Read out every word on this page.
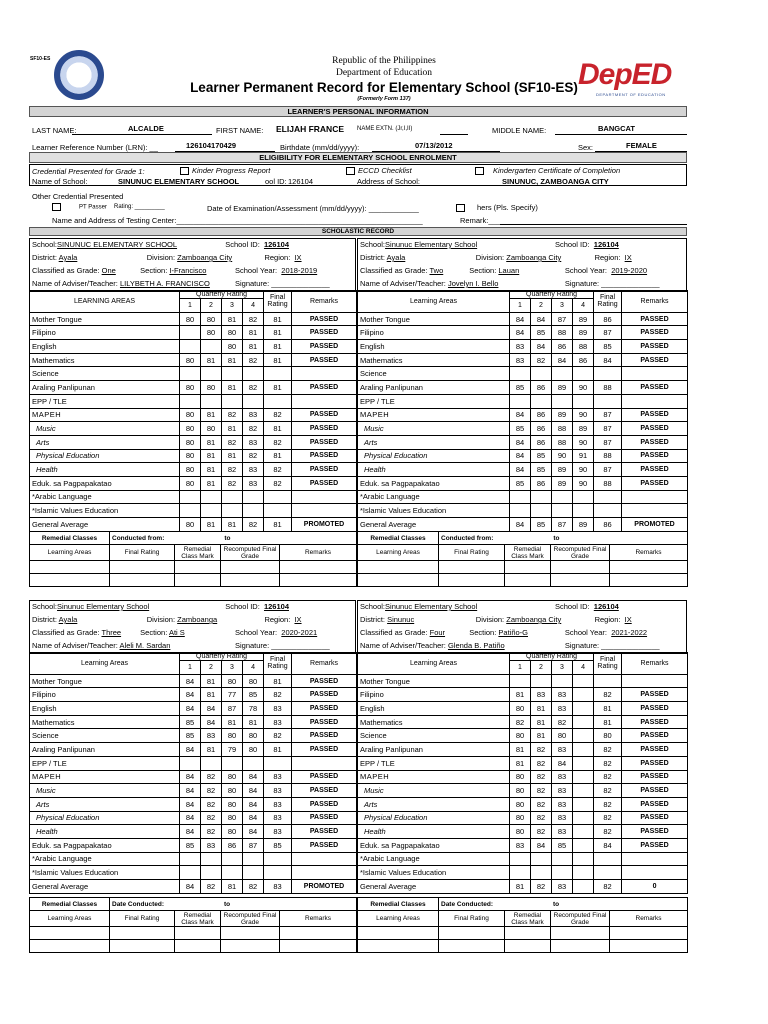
SF10-ES	Republic of the Philippines
Department of Education
Learner Permanent Record for Elementary School (SF10-ES)
(Formerly Form 137)
DepED
DEPARTMENT OF EDUCATION
LEARNER'S PERSONAL INFORMATION
LAST NAME:	ALCALDE	FIRST NAME: ELIJAH FRANCE NAME EXTN. (Jr,I,II)	MIDDLE NAME:	BANGCAT
Learner Reference Number (LRN): __	126104170429	Birthdate (mm/dd/yyyy):	07/13/2012	Sex:	FEMALE
ELIGIBILITY FOR ELEMENTARY SCHOOL ENROLMENT
Credential Presented for Grade 1:	Kinder Progress Report	ECCD Checklist	Kindergarten Certificate of Completion
Name of School:	SINUNUC ELEMENTARY SCHOOL	ool ID: 126104	Address of School:	SINUNUC, ZAMBOANGA CITY
Other Credential Presented
PT Passer Rating: _________	Date of Examination/Assessment (mm/dd/yyyy): ____________	hers (Pls. Specify)
Name and Address of Testing Center:___________________________________________________________	Remark:___
SCHOLASTIC RECORD
School:SINUNUC ELEMENTARY SCHOOL	School ID: 126104
District: Ayala	Division: Zamboanga City	Region: IX
Classified as Grade: One	Section: I-Francisco	School Year: 2018-2019
Name of Adviser/Teacher: LILYBETH A. FRANCISCO	Signature: ______________
LEARNING AREAS	Quarterly Rating				Final Rating	Remarks
	1	2	3	4		
Mother Tongue	80	80	81	82	81	PASSED
Filipino		80	80	81	81	PASSED
English			80	81	81	PASSED
Mathematics	80	81	81	82	81	PASSED
Science						
Araling Panlipunan	80	80	81	82	81	PASSED
EPP / TLE						
MAPEH	80	81	82	83	82	PASSED
Music	80	80	81	82	81	PASSED
Arts	80	81	82	83	82	PASSED
Physical Education	80	81	81	82	81	PASSED
Health	80	81	82	83	82	PASSED
Eduk. sa Pagpapakatao	80	81	82	83	82	PASSED
*Arabic Language						
*Islamic Values Education						
General Average	80	81	81	82	81	PROMOTED
Remedial Classes	Conducted from: to			
Learning Areas	Final Rating	Remedial Class Mark	Recomputed Final Grade	Remarks

School:Sinunuc Elementary School	School ID: 126104
District: Ayala	Division: Zamboanga City	Region: IX
Classified as Grade: Two	Section: Lauan	School Year: 2019-2020
Name of Adviser/Teacher: Jovelyn I. Bello	Signature: ______________
Learning Areas	Quarterly Rating				Final Rating	Remarks
	1	2	3	4		
Mother Tongue	84	84	87	89	86	PASSED
Filipino	84	85	88	89	87	PASSED
English	83	84	86	88	85	PASSED
Mathematics	83	82	84	86	84	PASSED
Science						
Araling Panlipunan	85	86	89	90	88	PASSED
EPP / TLE						
MAPEH	84	86	89	90	87	PASSED
Music	85	86	88	89	87	PASSED
Arts	84	86	88	90	87	PASSED
Physical Education	84	85	90	91	88	PASSED
Health	84	85	89	90	87	PASSED
Eduk. sa Pagpapakatao	85	86	89	90	88	PASSED
*Arabic Language						
*Islamic Values Education						
General Average	84	85	87	89	86	PROMOTED
Remedial Classes	Conducted from: to			
Learning Areas	Final Rating	Remedial Class Mark	Recomputed Final Grade	Remarks

School:Sinunuc Elementary School	School ID: 126104
District: Ayala	Division: Zamboanga	Region: IX
Classified as Grade: Three	Section: Ati S	School Year: 2020-2021
Name of Adviser/Teacher: Aleli M. Sardan	Signature: ______________
Learning Areas	Quarterly Rating				Final Rating	Remarks
	1	2	3	4		
Mother Tongue	84	81	80	80	81	PASSED
Filipino	84	81	77	85	82	PASSED
English	84	84	87	78	83	PASSED
Mathematics	85	84	81	81	83	PASSED
Science	85	83	80	80	82	PASSED
Araling Panlipunan	84	81	79	80	81	PASSED
EPP / TLE						
MAPEH	84	82	80	84	83	PASSED
Music	84	82	80	84	83	PASSED
Arts	84	82	80	84	83	PASSED
Physical Education	84	82	80	84	83	PASSED
Health	84	82	80	84	83	PASSED
Eduk. sa Pagpapakatao	85	83	86	87	85	PASSED
*Arabic Language						
*Islamic Values Education						
General Average	84	82	81	82	83	PROMOTED
Remedial Classes	Date Conducted: to			
Learning Areas	Final Rating	Remedial Class Mark	Recomputed Final Grade	Remarks

School:Sinunuc Elementary School	School ID: 126104
District: Sinunuc	Division: Zamboanga City	Region: IX
Classified as Grade: Four	Section: Patiño-G	School Year: 2021-2022
Name of Adviser/Teacher: Glenda B. Patiño	Signature: ______________
Learning Areas	Quarterly Rating				Final Rating	Remarks
	1	2	3	4		
Mother Tongue						
Filipino	81	83	83		82	PASSED
English	80	81	83		81	PASSED
Mathematics	82	81	82		81	PASSED
Science	80	81	80		80	PASSED
Araling Panlipunan	81	82	83		82	PASSED
EPP / TLE	81	82	84		82	PASSED
MAPEH	80	82	83		82	PASSED
Music	80	82	83		82	PASSED
Arts	80	82	83		82	PASSED
Physical Education	80	82	83		82	PASSED
Health	80	82	83		82	PASSED
Eduk. sa Pagpapakatao	83	84	85		84	PASSED
*Arabic Language						
*Islamic Values Education						
General Average	81	82	83		82	0
Remedial Classes	Date Conducted: to			
Learning Areas	Final Rating	Remedial Class Mark	Recomputed Final Grade	Remarks
